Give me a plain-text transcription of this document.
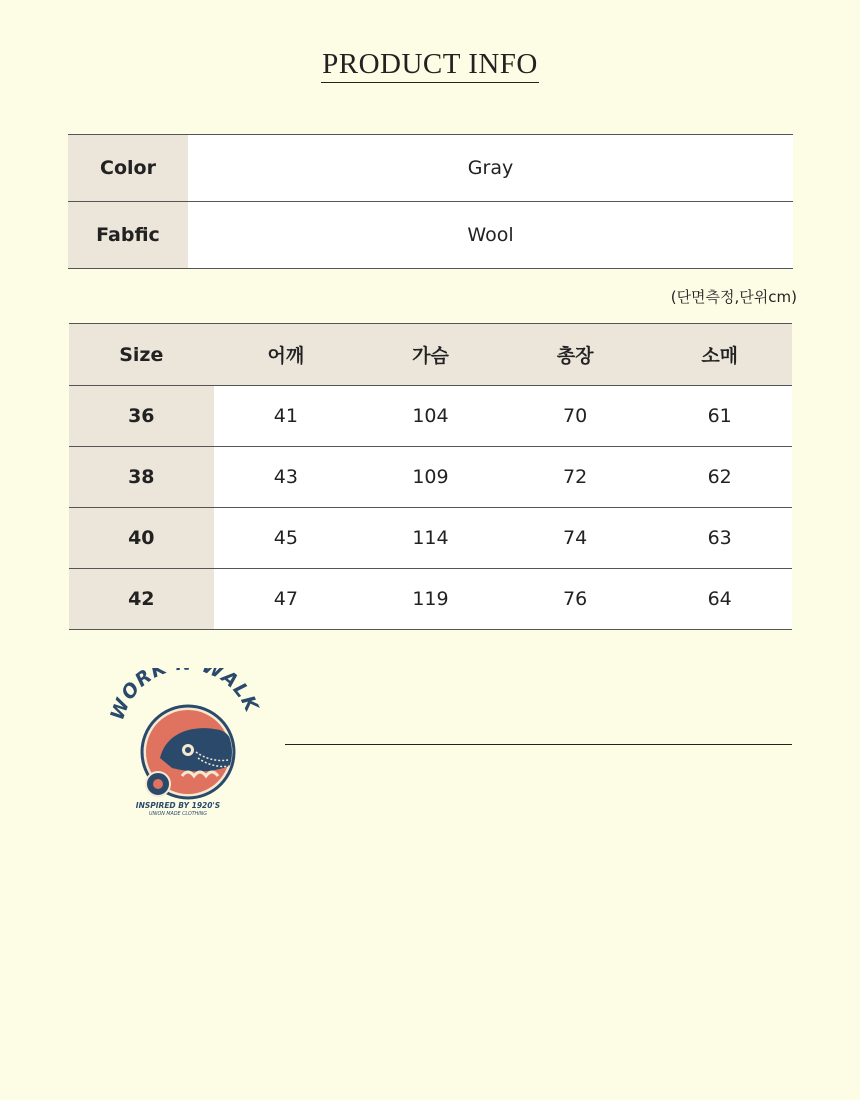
PRODUCT INFO
Color	Gray
Fabfic	Wool
(단면측정,단위cm)
Size	어깨	가슴	총장	소매
36	41	104	70	61
38	43	109	72	62
40	45	114	74	63
42	47	119	76	64
WORK WALK
INSPIRED BY 1920'S
UNION MADE CLOTHING
